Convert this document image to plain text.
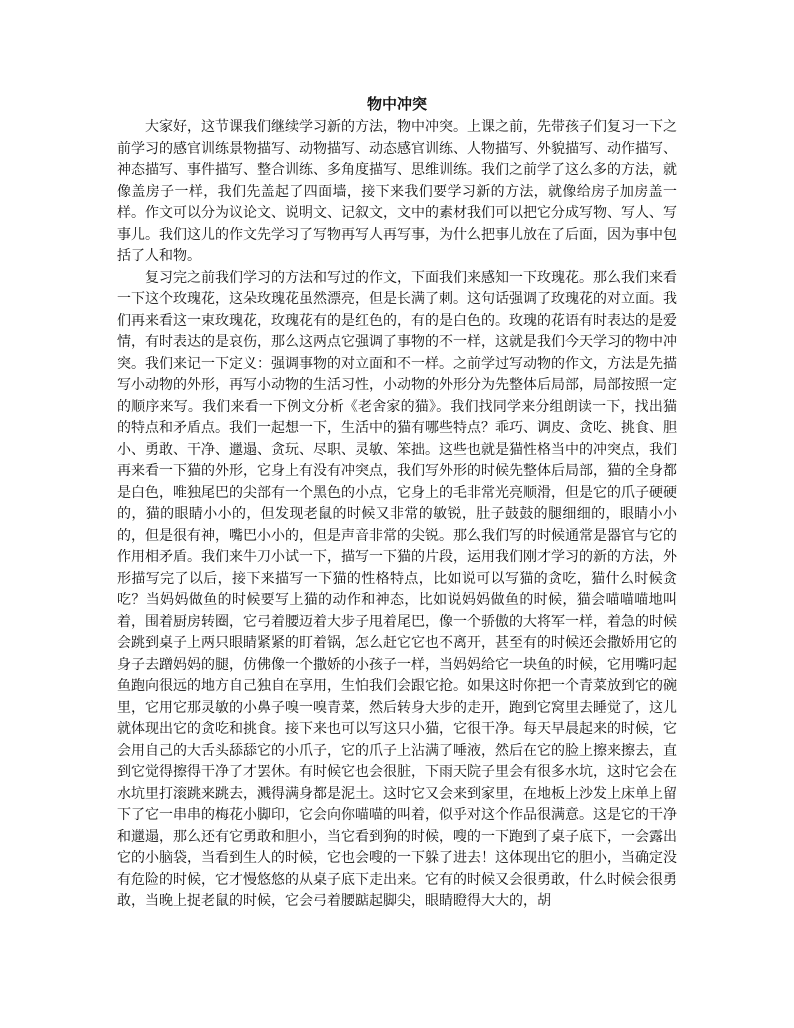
物中冲突

大家好，这节课我们继续学习新的方法，物中冲突。上课之前，先带孩子们复习一下之前学习的感官训练景物描写、动物描写、动态感官训练、人物描写、外貌描写、动作描写、神态描写、事件描写、整合训练、多角度描写、思维训练。我们之前学了这么多的方法，就像盖房子一样，我们先盖起了四面墙，接下来我们要学习新的方法，就像给房子加房盖一样。作文可以分为议论文、说明文、记叙文，文中的素材我们可以把它分成写物、写人、写事儿。我们这儿的作文先学习了写物再写人再写事，为什么把事儿放在了后面，因为事中包括了人和物。

复习完之前我们学习的方法和写过的作文，下面我们来感知一下玫瑰花。那么我们来看一下这个玫瑰花，这朵玫瑰花虽然漂亮，但是长满了刺。这句话强调了玫瑰花的对立面。我们再来看这一束玫瑰花，玫瑰花有的是红色的，有的是白色的。玫瑰的花语有时表达的是爱情，有时表达的是哀伤，那么这两点它强调了事物的不一样，这就是我们今天学习的物中冲突。我们来记一下定义：强调事物的对立面和不一样。之前学过写动物的作文，方法是先描写小动物的外形，再写小动物的生活习性，小动物的外形分为先整体后局部，局部按照一定的顺序来写。我们来看一下例文分析《老舍家的猫》。我们找同学来分组朗读一下，找出猫的特点和矛盾点。我们一起想一下，生活中的猫有哪些特点？乖巧、调皮、贪吃、挑食、胆小、勇敢、干净、邋遢、贪玩、尽职、灵敏、笨拙。这些也就是猫性格当中的冲突点，我们再来看一下猫的外形，它身上有没有冲突点，我们写外形的时候先整体后局部，猫的全身都是白色，唯独尾巴的尖部有一个黑色的小点，它身上的毛非常光亮顺滑，但是它的爪子硬硬的，猫的眼睛小小的，但发现老鼠的时候又非常的敏锐，肚子鼓鼓的腿细细的，眼睛小小的，但是很有神，嘴巴小小的，但是声音非常的尖锐。那么我们写的时候通常是器官与它的作用相矛盾。我们来牛刀小试一下，描写一下猫的片段，运用我们刚才学习的新的方法，外形描写完了以后，接下来描写一下猫的性格特点，比如说可以写猫的贪吃，猫什么时候贪吃？当妈妈做鱼的时候要写上猫的动作和神态，比如说妈妈做鱼的时候，猫会喵喵喵地叫着，围着厨房转圈，它弓着腰迈着大步子甩着尾巴，像一个骄傲的大将军一样，着急的时候会跳到桌子上两只眼睛紧紧的盯着锅，怎么赶它它也不离开，甚至有的时候还会撒娇用它的身子去蹭妈妈的腿，仿佛像一个撒娇的小孩子一样，当妈妈给它一块鱼的时候，它用嘴叼起鱼跑向很远的地方自己独自在享用，生怕我们会跟它抢。如果这时你把一个青菜放到它的碗里，它用它那灵敏的小鼻子嗅一嗅青菜，然后转身大步的走开，跑到它窝里去睡觉了，这儿就体现出它的贪吃和挑食。接下来也可以写这只小猫，它很干净。每天早晨起来的时候，它会用自己的大舌头舔舔它的小爪子，它的爪子上沾满了唾液，然后在它的脸上擦来擦去，直到它觉得擦得干净了才罢休。有时候它也会很脏，下雨天院子里会有很多水坑，这时它会在水坑里打滚跳来跳去，溅得满身都是泥土。这时它又会来到家里，在地板上沙发上床单上留下了它一串串的梅花小脚印，它会向你喵喵的叫着，似乎对这个作品很满意。这是它的干净和邋遢，那么还有它勇敢和胆小，当它看到狗的时候，嗖的一下跑到了桌子底下，一会露出它的小脑袋，当看到生人的时候，它也会嗖的一下躲了进去！这体现出它的胆小，当确定没有危险的时候，它才慢悠悠的从桌子底下走出来。它有的时候又会很勇敢，什么时候会很勇敢，当晚上捉老鼠的时候，它会弓着腰踮起脚尖，眼睛瞪得大大的，胡
